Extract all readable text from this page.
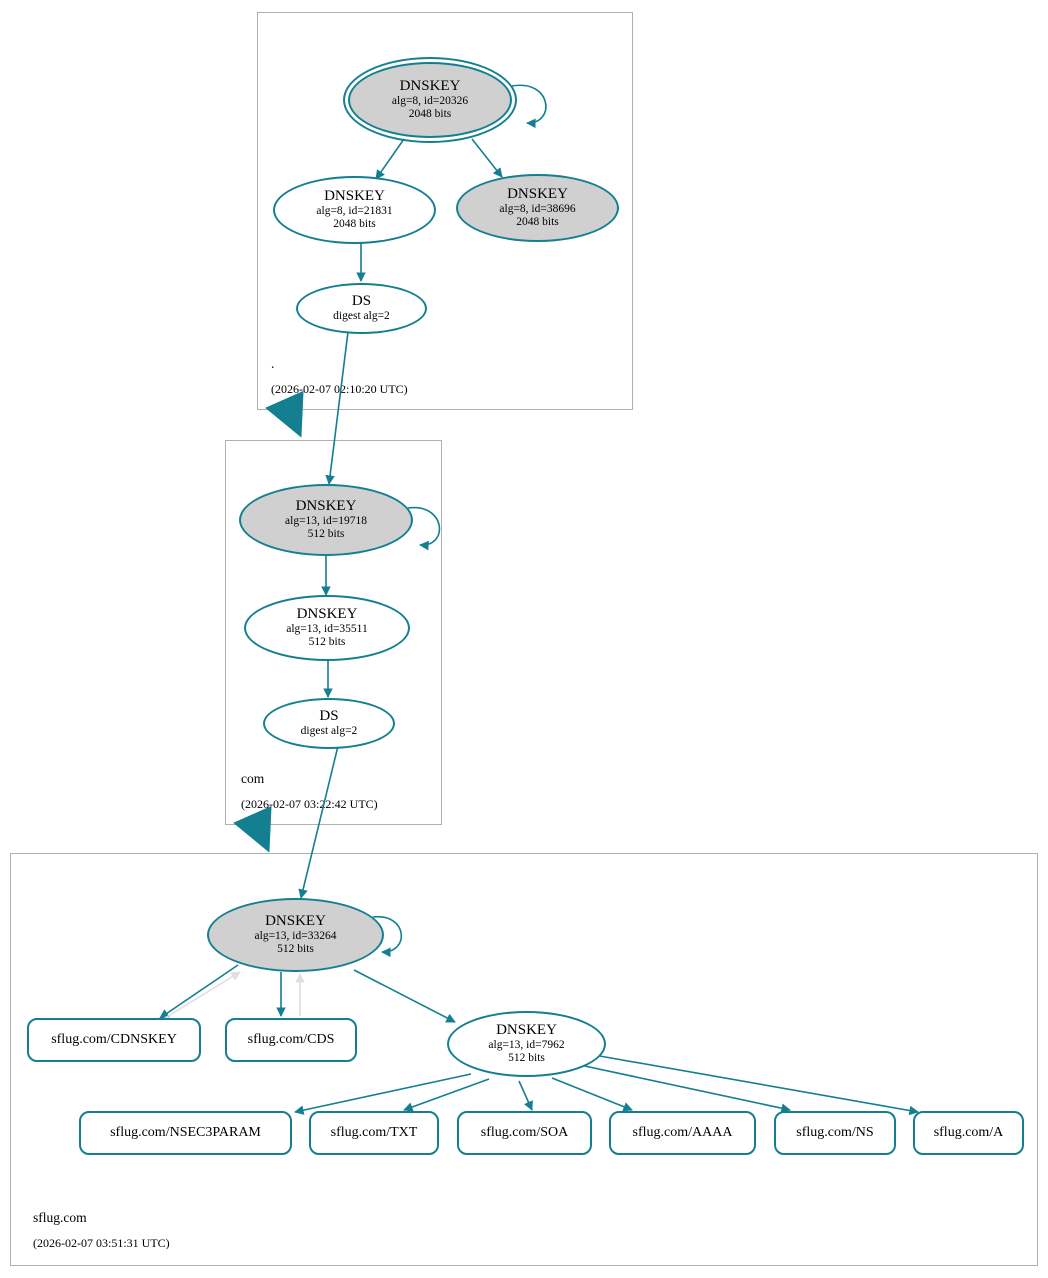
.
(2026-02-07 02:10:20 UTC)
com
(2026-02-07 03:22:42 UTC)
sflug.com
(2026-02-07 03:51:31 UTC)
DNSKEY
alg=8, id=20326
2048 bits
DNSKEY
alg=8, id=21831
2048 bits
DNSKEY
alg=8, id=38696
2048 bits
DS
digest alg=2
DNSKEY
alg=13, id=19718
512 bits
DNSKEY
alg=13, id=35511
512 bits
DS
digest alg=2
DNSKEY
alg=13, id=33264
512 bits
DNSKEY
alg=13, id=7962
512 bits
sflug.com/CDNSKEY	sflug.com/CDS
sflug.com/NSEC3PARAM	sflug.com/TXT	sflug.com/SOA	sflug.com/AAAA	sflug.com/NS	sflug.com/A
